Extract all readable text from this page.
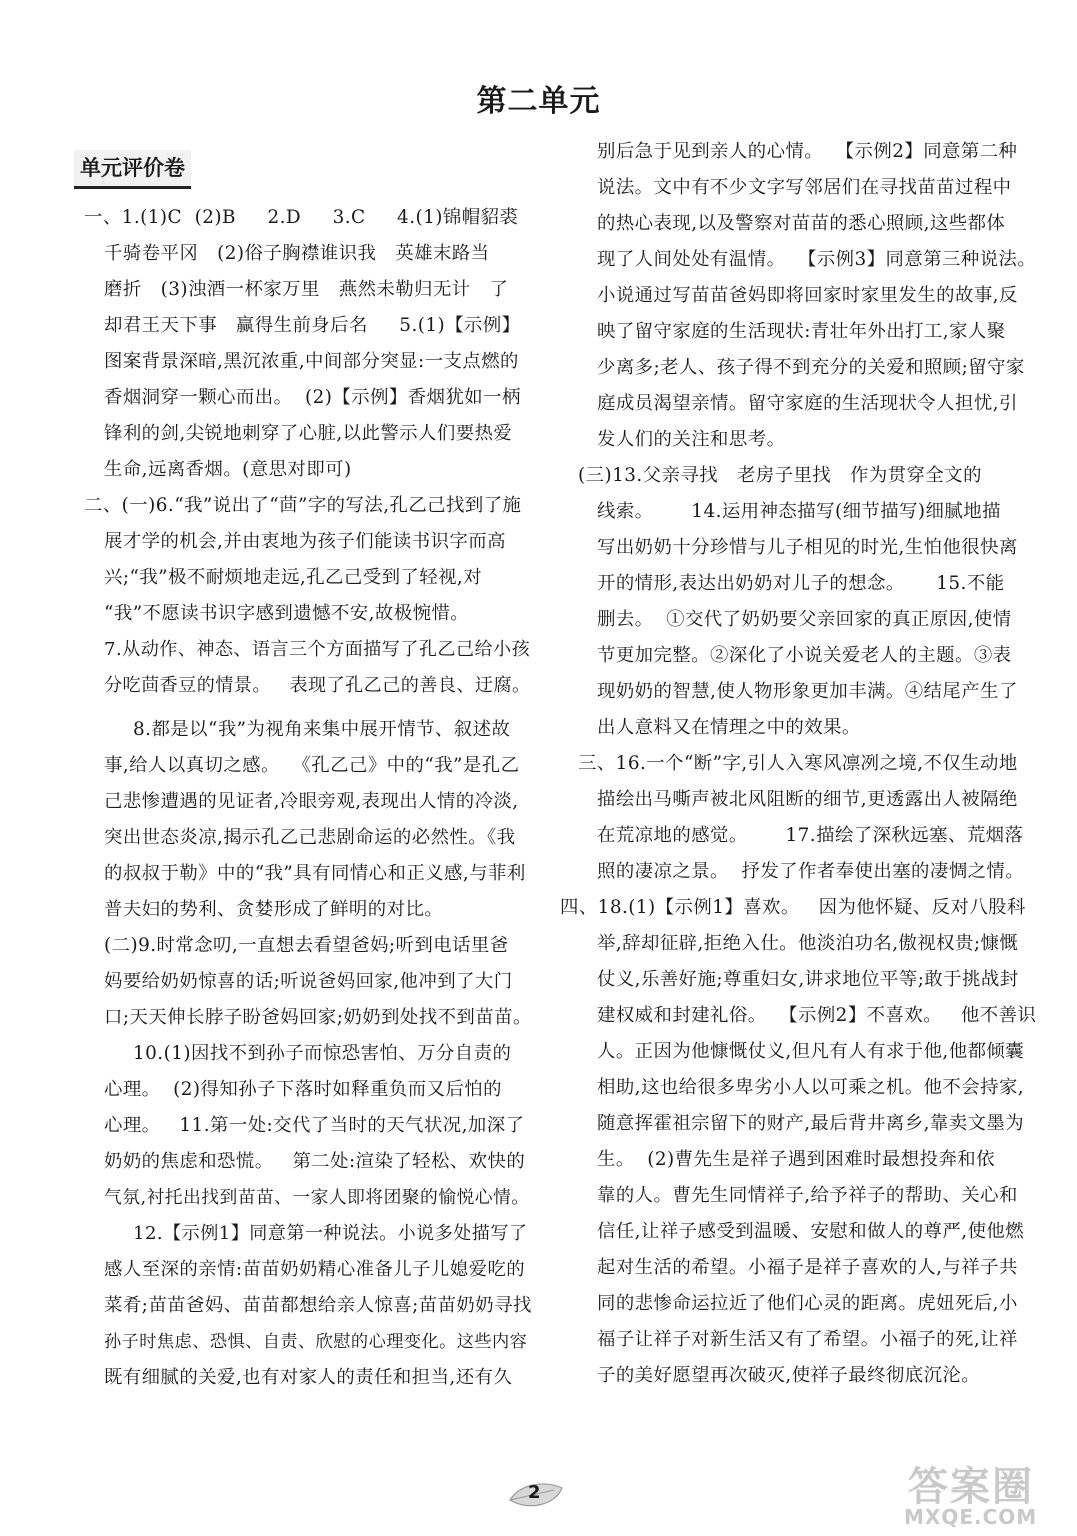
第二单元
单元评价卷

一、1.(1)C  (2)B     2.D     3.C     4.(1)锦帽貂裘

千骑卷平冈   (2)俗子胸襟谁识我   英雄末路当

磨折   (3)浊酒一杯家万里   燕然未勒归无计   了

却君王天下事   赢得生前身后名     5.(1)【示例】

图案背景深暗,黑沉浓重,中间部分突显:一支点燃的

香烟洞穿一颗心而出。  (2)【示例】香烟犹如一柄

锋利的剑,尖锐地刺穿了心脏,以此警示人们要热爱

生命,远离香烟。(意思对即可)

二、(一)6.“我”说出了“茴”字的写法,孔乙己找到了施

展才学的机会,并由衷地为孩子们能读书识字而高

兴;“我”极不耐烦地走远,孔乙己受到了轻视,对

“我”不愿读书识字感到遗憾不安,故极惋惜。

7.从动作、神态、语言三个方面描写了孔乙己给小孩

分吃茴香豆的情景。   表现了孔乙己的善良、迂腐。

8.都是以“我”为视角来集中展开情节、叙述故

事,给人以真切之感。  《孔乙己》中的“我”是孔乙

己悲惨遭遇的见证者,冷眼旁观,表现出人情的冷淡,

突出世态炎凉,揭示孔乙己悲剧命运的必然性。《我

的叔叔于勒》中的“我”具有同情心和正义感,与菲利

普夫妇的势利、贪婪形成了鲜明的对比。

(二)9.时常念叨,一直想去看望爸妈;听到电话里爸

妈要给奶奶惊喜的话;听说爸妈回家,他冲到了大门

口;天天伸长脖子盼爸妈回家;奶奶到处找不到苗苗。

10.(1)因找不到孙子而惊恐害怕、万分自责的

心理。  (2)得知孙子下落时如释重负而又后怕的

心理。   11.第一处:交代了当时的天气状况,加深了

奶奶的焦虑和恐慌。   第二处:渲染了轻松、欢快的

气氛,衬托出找到苗苗、一家人即将团聚的愉悦心情。

12.【示例1】同意第一种说法。小说多处描写了

感人至深的亲情:苗苗奶奶精心准备儿子儿媳爱吃的

菜肴;苗苗爸妈、苗苗都想给亲人惊喜;苗苗奶奶寻找

孙子时焦虑、恐惧、自责、欣慰的心理变化。这些内容

既有细腻的关爱,也有对家人的责任和担当,还有久

别后急于见到亲人的心情。  【示例2】同意第二种

说法。文中有不少文字写邻居们在寻找苗苗过程中

的热心表现,以及警察对苗苗的悉心照顾,这些都体

现了人间处处有温情。  【示例3】同意第三种说法。

小说通过写苗苗爸妈即将回家时家里发生的故事,反

映了留守家庭的生活现状:青壮年外出打工,家人聚

少离多;老人、孩子得不到充分的关爱和照顾;留守家

庭成员渴望亲情。留守家庭的生活现状令人担忧,引

发人们的关注和思考。

(三)13.父亲寻找   老房子里找   作为贯穿全文的

线索。      14.运用神态描写(细节描写)细腻地描

写出奶奶十分珍惜与儿子相见的时光,生怕他很快离

开的情形,表达出奶奶对儿子的想念。     15.不能

删去。  ①交代了奶奶要父亲回家的真正原因,使情

节更加完整。②深化了小说关爱老人的主题。③表

现奶奶的智慧,使人物形象更加丰满。④结尾产生了

出人意料又在情理之中的效果。

三、16.一个“断”字,引人入寒风凛冽之境,不仅生动地

描绘出马嘶声被北风阻断的细节,更透露出人被隔绝

在荒凉地的感觉。      17.描绘了深秋远塞、荒烟落

照的凄凉之景。  抒发了作者奉使出塞的凄惆之情。

四、18.(1)【示例1】喜欢。   因为他怀疑、反对八股科

举,辞却征辟,拒绝入仕。他淡泊功名,傲视权贵;慷慨

仗义,乐善好施;尊重妇女,讲求地位平等;敢于挑战封

建权威和封建礼俗。  【示例2】不喜欢。   他不善识

人。正因为他慷慨仗义,但凡有人有求于他,他都倾囊

相助,这也给很多卑劣小人以可乘之机。他不会持家,

随意挥霍祖宗留下的财产,最后背井离乡,靠卖文墨为

生。  (2)曹先生是祥子遇到困难时最想投奔和依

靠的人。曹先生同情祥子,给予祥子的帮助、关心和

信任,让祥子感受到温暖、安慰和做人的尊严,使他燃

起对生活的希望。小福子是祥子喜欢的人,与祥子共

同的悲惨命运拉近了他们心灵的距离。虎妞死后,小

福子让祥子对新生活又有了希望。小福子的死,让祥

子的美好愿望再次破灭,使祥子最终彻底沉沦。

2	答案圈
MXQE.COM
